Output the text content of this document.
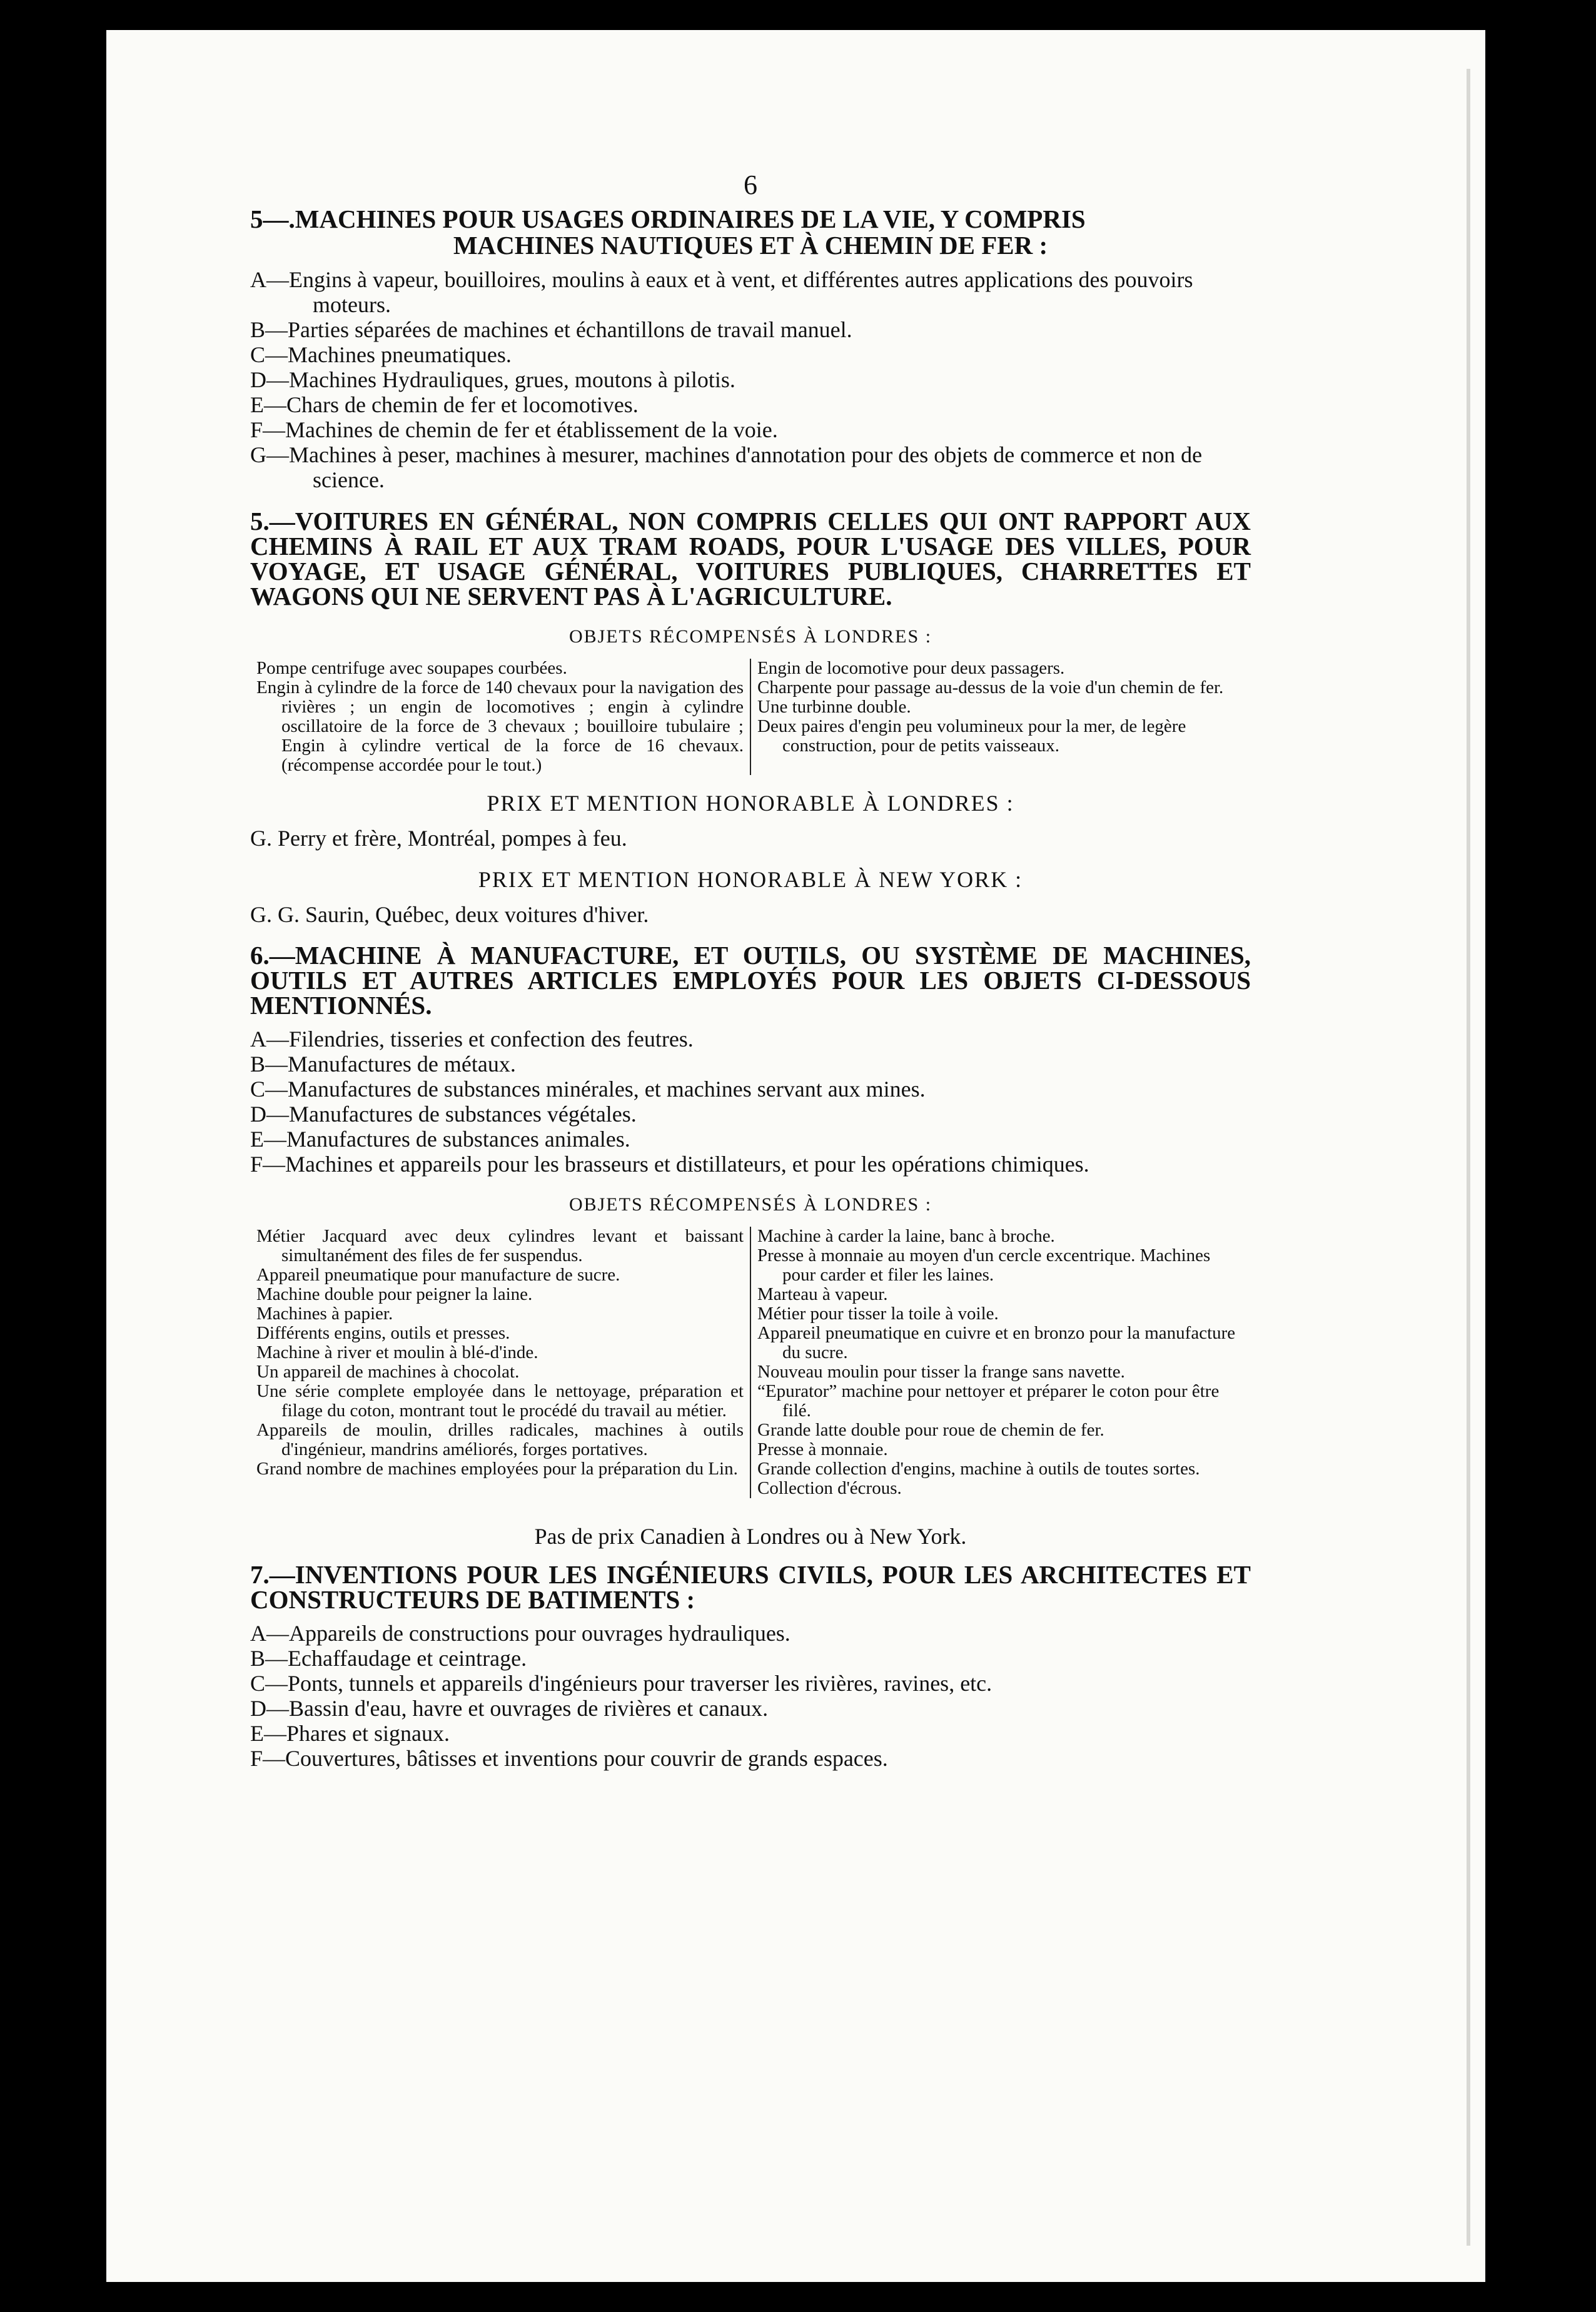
6
5—.MACHINES POUR USAGES ORDINAIRES DE LA VIE, Y COMPRIS
MACHINES NAUTIQUES ET À CHEMIN DE FER :
A—Engins à vapeur, bouilloires, moulins à eaux et à vent, et différentes autres applications des pouvoirs moteurs.
B—Parties séparées de machines et échantillons de travail manuel.
C—Machines pneumatiques.
D—Machines Hydrauliques, grues, moutons à pilotis.
E—Chars de chemin de fer et locomotives.
F—Machines de chemin de fer et établissement de la voie.
G—Machines à peser, machines à mesurer, machines d'annotation pour des objets de commerce et non de science.
5.—VOITURES EN GÉNÉRAL, NON COMPRIS CELLES QUI ONT RAPPORT AUX CHEMINS À RAIL ET AUX TRAM ROADS, POUR L'USAGE DES VILLES, POUR VOYAGE, ET USAGE GÉNÉRAL, VOITURES PUBLIQUES, CHARRETTES ET WAGONS QUI NE SERVENT PAS À L'AGRICULTURE.
OBJETS RÉCOMPENSÉS À LONDRES :

Pompe centrifuge avec soupapes courbées.

Engin à cylindre de la force de 140 chevaux pour la navigation des rivières ; un engin de locomotives ; engin à cylindre oscillatoire de la force de 3 chevaux ; bouilloire tubulaire ; Engin à cylindre vertical de la force de 16 chevaux. (récompense accordée pour le tout.)

Engin de locomotive pour deux passagers.

Charpente pour passage au-dessus de la voie d'un chemin de fer.

Une turbinne double.

Deux paires d'engin peu volumineux pour la mer, de legère construction, pour de petits vaisseaux.

PRIX ET MENTION HONORABLE À LONDRES :
G. Perry et frère, Montréal, pompes à feu.
PRIX ET MENTION HONORABLE À NEW YORK :
G. G. Saurin, Québec, deux voitures d'hiver.
6.—MACHINE À MANUFACTURE, ET OUTILS, OU SYSTÈME DE MACHINES, OUTILS ET AUTRES ARTICLES EMPLOYÉS POUR LES OBJETS CI-DESSOUS MENTIONNÉS.
A—Filendries, tisseries et confection des feutres.
B—Manufactures de métaux.
C—Manufactures de substances minérales, et machines servant aux mines.
D—Manufactures de substances végétales.
E—Manufactures de substances animales.
F—Machines et appareils pour les brasseurs et distillateurs, et pour les opérations chimiques.
OBJETS RÉCOMPENSÉS À LONDRES :

Métier Jacquard avec deux cylindres levant et baissant simultanément des files de fer suspendus.

Appareil pneumatique pour manufacture de sucre.

Machine double pour peigner la laine.

Machines à papier.

Différents engins, outils et presses.

Machine à river et moulin à blé-d'inde.

Un appareil de machines à chocolat.

Une série complete employée dans le nettoyage, préparation et filage du coton, montrant tout le procédé du travail au métier.

Appareils de moulin, drilles radicales, machines à outils d'ingénieur, mandrins améliorés, forges portatives.

Grand nombre de machines employées pour la préparation du Lin.

Machine à carder la laine, banc à broche.

Presse à monnaie au moyen d'un cercle excentrique. Machines pour carder et filer les laines.

Marteau à vapeur.

Métier pour tisser la toile à voile.

Appareil pneumatique en cuivre et en bronzo pour la manufacture du sucre.

Nouveau moulin pour tisser la frange sans navette.

“Epurator” machine pour nettoyer et préparer le coton pour être filé.

Grande latte double pour roue de chemin de fer.

Presse à monnaie.

Grande collection d'engins, machine à outils de toutes sortes.

Collection d'écrous.

Pas de prix Canadien à Londres ou à New York.
7.—INVENTIONS POUR LES INGÉNIEURS CIVILS, POUR LES ARCHITECTES ET CONSTRUCTEURS DE BATIMENTS :
A—Appareils de constructions pour ouvrages hydrauliques.
B—Echaffaudage et ceintrage.
C—Ponts, tunnels et appareils d'ingénieurs pour traverser les rivières, ravines, etc.
D—Bassin d'eau, havre et ouvrages de rivières et canaux.
E—Phares et signaux.
F—Couvertures, bâtisses et inventions pour couvrir de grands espaces.
